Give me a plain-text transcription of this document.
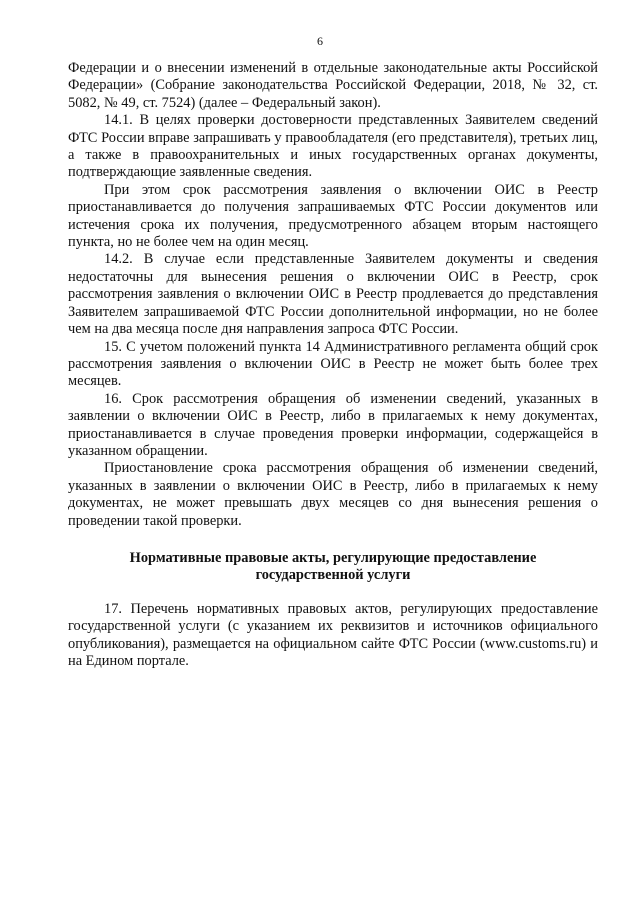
6

Федерации и о внесении изменений в отдельные законодательные акты Российской Федерации» (Собрание законодательства Российской Федерации, 2018, № 32, ст. 5082, № 49, ст. 7524) (далее – Федеральный закон).

14.1. В целях проверки достоверности представленных Заявителем сведений ФТС России вправе запрашивать у правообладателя (его представителя), третьих лиц, а также в правоохранительных и иных государственных органах документы, подтверждающие заявленные сведения.

При этом срок рассмотрения заявления о включении ОИС в Реестр приостанавливается до получения запрашиваемых ФТС России документов или истечения срока их получения, предусмотренного абзацем вторым настоящего пункта, но не более чем на один месяц.

14.2. В случае если представленные Заявителем документы и сведения недостаточны для вынесения решения о включении ОИС в Реестр, срок рассмотрения заявления о включении ОИС в Реестр продлевается до представления Заявителем запрашиваемой ФТС России дополнительной информации, но не более чем на два месяца после дня направления запроса ФТС России.

15. С учетом положений пункта 14 Административного регламента общий срок рассмотрения заявления о включении ОИС в Реестр не может быть более трех месяцев.

16. Срок рассмотрения обращения об изменении сведений, указанных в заявлении о включении ОИС в Реестр, либо в прилагаемых к нему документах, приостанавливается в случае проведения проверки информации, содержащейся в указанном обращении.

Приостановление срока рассмотрения обращения об изменении сведений, указанных в заявлении о включении ОИС в Реестр, либо в прилагаемых к нему документах, не может превышать двух месяцев со дня вынесения решения о проведении такой проверки.

Нормативные правовые акты, регулирующие предоставление государственной услуги

17. Перечень нормативных правовых актов, регулирующих предоставление государственной услуги (с указанием их реквизитов и источников официального опубликования), размещается на официальном сайте ФТС России (www.customs.ru) и на Едином портале.
